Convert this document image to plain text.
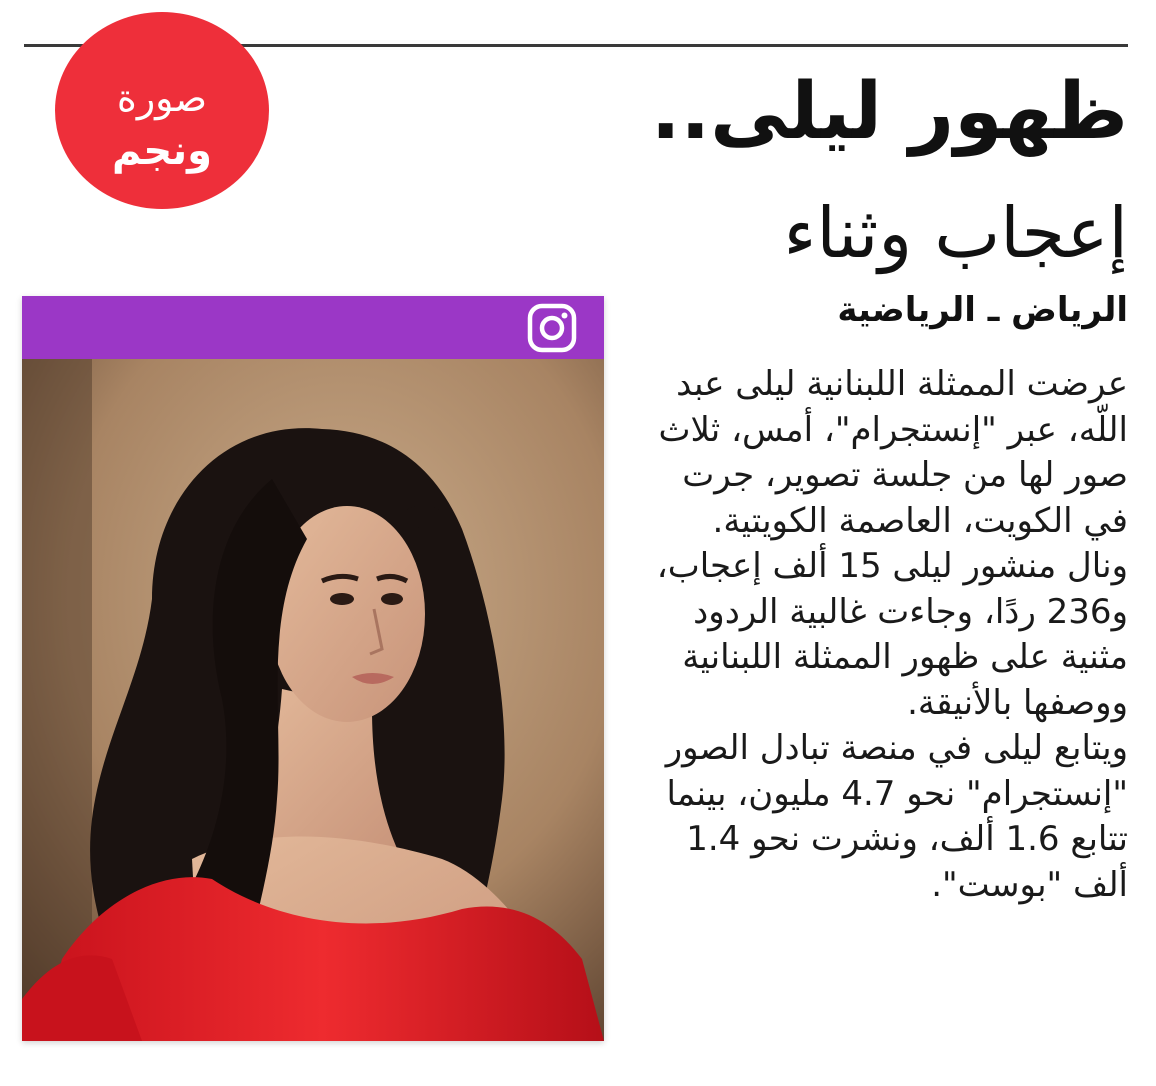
صورة
ونجم	ظهور ليلى..
إعجاب وثناء
الرياض ـ الرياضية

عرضت الممثلة اللبنانية ليلى عبد اللّه، عبر "إنستجرام"، أمس، ثلاث صور لها من جلسة تصوير، جرت في الكويت، العاصمة الكويتية.

ونال منشور ليلى 15 ألف إعجاب، و236 ردًا، وجاءت غالبية الردود مثنية على ظهور الممثلة اللبنانية ووصفها بالأنيقة.

ويتابع ليلى في منصة تبادل الصور "إنستجرام" نحو 4.7 مليون، بينما تتابع 1.6 ألف، ونشرت نحو 1.4 ألف "بوست".
